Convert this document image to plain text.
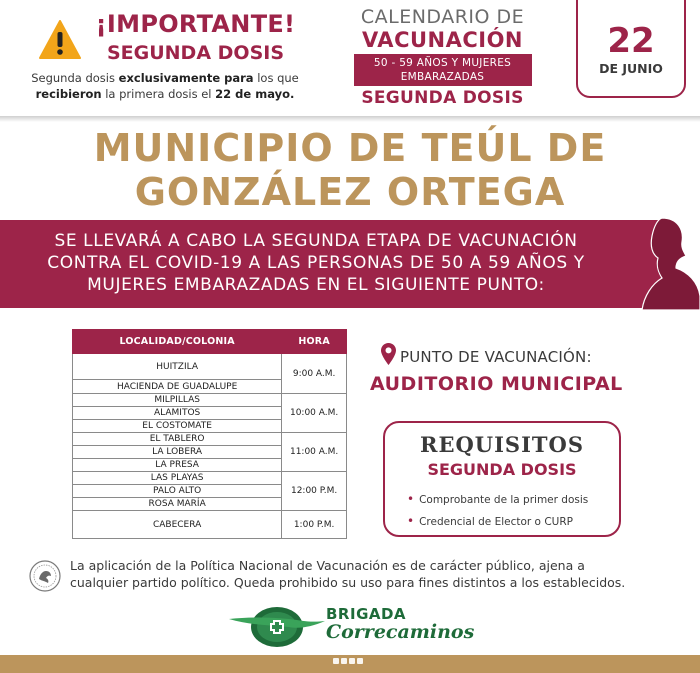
¡IMPORTANTE!
SEGUNDA DOSIS
Segunda dosis exclusivamente para los que
recibieron la primera dosis el 22 de mayo.
CALENDARIO DE
VACUNACIÓN
50 - 59 AÑOS Y MUJERES EMBARAZADAS
SEGUNDA DOSIS
22
DE JUNIO
MUNICIPIO DE TEÚL DE
GONZÁLEZ ORTEGA
SE LLEVARÁ A CABO LA SEGUNDA ETAPA DE VACUNACIÓN
CONTRA EL COVID-19 A LAS PERSONAS DE 50 A 59 AÑOS Y
MUJERES EMBARAZADAS EN EL SIGUIENTE PUNTO:
LOCALIDAD/COLONIA	HORA
HUITZILA	9:00 A.M.
HACIENDA DE GUADALUPE	
MILPILLAS	10:00 A.M.
ALAMITOS	
EL COSTOMATE	
EL TABLERO	11:00 A.M.
LA LOBERA	
LA PRESA	
LAS PLAYAS	12:00 P.M.
PALO ALTO	
ROSA MARÍA	
CABECERA	1:00 P.M.
PUNTO DE VACUNACIÓN:
AUDITORIO MUNICIPAL
REQUISITOS
SEGUNDA DOSIS
• Comprobante de la primer dosis
• Credencial de Elector o CURP
La aplicación de la Política Nacional de Vacunación es de carácter público, ajena a
cualquier partido político. Queda prohibido su uso para fines distintos a los establecidos.
BRIGADA
Correcaminos
